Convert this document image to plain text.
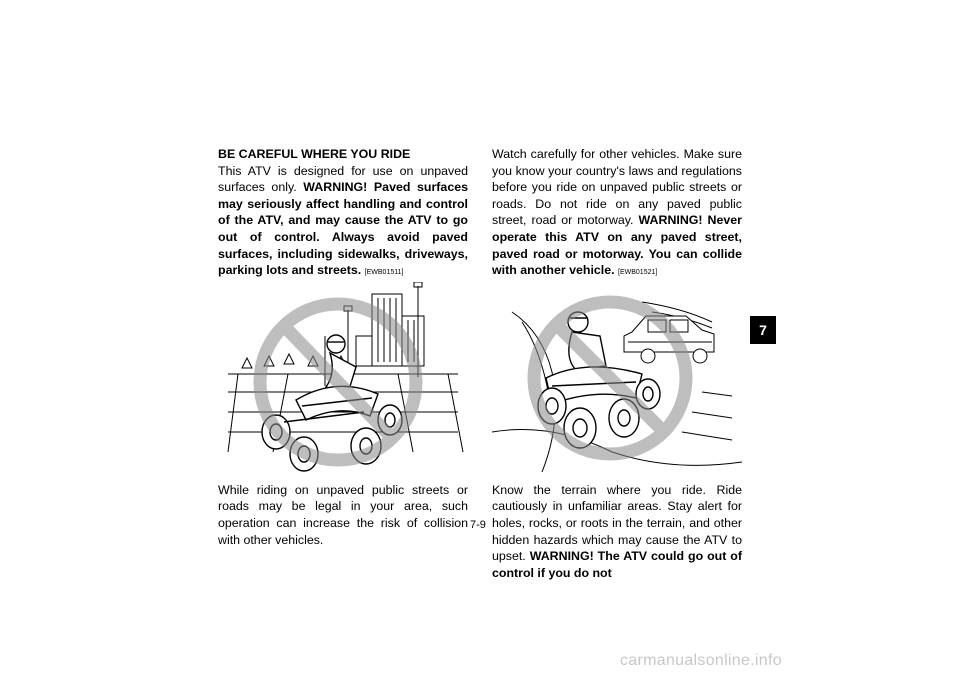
BE CAREFUL WHERE YOU RIDE

This ATV is designed for use on unpaved surfaces only. WARNING! Paved surfaces may seriously affect handling and control of the ATV, and may cause the ATV to go out of control. Always avoid paved surfaces, including sidewalks, driveways, parking lots and streets. [EWB01511]

While riding on unpaved public streets or roads may be legal in your area, such operation can increase the risk of collision with other vehicles.

Watch carefully for other vehicles. Make sure you know your country's laws and regulations before you ride on unpaved public streets or roads. Do not ride on any paved public street, road or motorway. WARNING! Never operate this ATV on any paved street, paved road or motorway. You can collide with another vehicle. [EWB01521]

Know the terrain where you ride. Ride cautiously in unfamiliar areas. Stay alert for holes, rocks, or roots in the terrain, and other hidden hazards which may cause the ATV to upset. WARNING! The ATV could go out of control if you do not

7-9
7
carmanualsonline.info
